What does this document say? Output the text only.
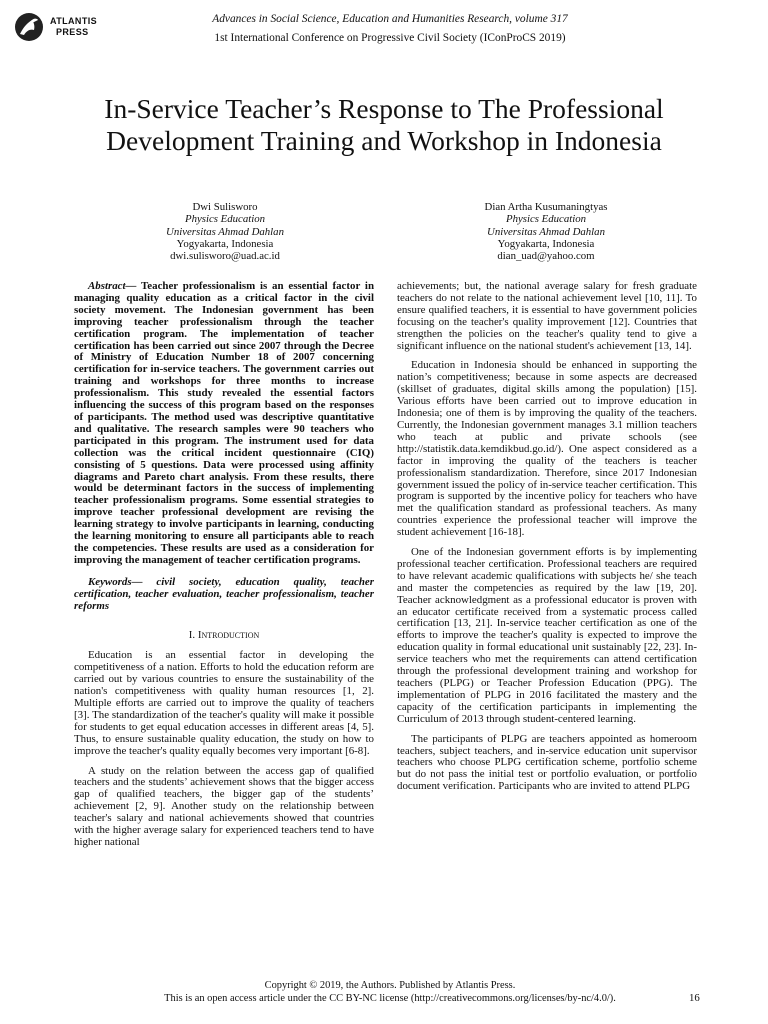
ATLANTIS
PRESS
Advances in Social Science, Education and Humanities Research, volume 317
1st International Conference on Progressive Civil Society (IConProCS 2019)
In-Service Teacher’s Response to The Professional
Development Training and Workshop in Indonesia
Dwi Sulisworo
Physics Education
Universitas Ahmad Dahlan
Yogyakarta, Indonesia
dwi.sulisworo@uad.ac.id
Dian Artha Kusumaningtyas
Physics Education
Universitas Ahmad Dahlan
Yogyakarta, Indonesia
dian_uad@yahoo.com
Abstract— Teacher professionalism is an essential factor in managing quality education as a critical factor in the civil society movement. The Indonesian government has been improving teacher professionalism through the teacher certification program. The implementation of teacher certification has been carried out since 2007 through the Decree of Ministry of Education Number 18 of 2007 concerning certification for in-service teachers. The government carries out training and workshops for three months to increase professionalism. This study revealed the essential factors influencing the success of this program based on the responses of participants. The method used was descriptive quantitative and qualitative. The research samples were 90 teachers who participated in this program. The instrument used for data collection was the critical incident questionnaire (CIQ) consisting of 5 questions. Data were processed using affinity diagrams and Pareto chart analysis. From these results, there would be determinant factors in the success of implementing teacher professionalism programs. Some essential strategies to improve teacher professional development are revising the learning strategy to involve participants in learning, conducting the learning monitoring to ensure all participants able to reach the competencies. These results are used as a consideration for improving the management of teacher certification programs.
Keywords— civil society, education quality, teacher certification, teacher evaluation, teacher professionalism, teacher reforms
I. Introduction

Education is an essential factor in developing the competitiveness of a nation. Efforts to hold the education reform are carried out by various countries to ensure the sustainability of the nation's competitiveness with quality human resources [1, 2]. Multiple efforts are carried out to improve the quality of teachers [3]. The standardization of the teacher's quality will make it possible for students to get equal education accesses in different areas [4, 5]. Thus, to ensure sustainable quality education, the study on how to improve the teacher's quality equally becomes very important [6-8].

A study on the relation between the access gap of qualified teachers and the students’ achievement shows that the bigger access gap of qualified teachers, the bigger gap of the students’ achievement [2, 9]. Another study on the relationship between teacher's salary and national achievements showed that countries with the higher average salary for experienced teachers tend to have higher national

achievements; but, the national average salary for fresh graduate teachers do not relate to the national achievement level [10, 11]. To ensure qualified teachers, it is essential to have government policies focusing on the teacher's quality improvement [12]. Countries that strengthen the policies on the teacher's quality tend to give a significant influence on the national student's achievement [13, 14].

Education in Indonesia should be enhanced in supporting the nation’s competitiveness; because in some aspects are decreased (skillset of graduates, digital skills among the population) [15]. Various efforts have been carried out to improve education in Indonesia; one of them is by improving the quality of the teachers. Currently, the Indonesian government manages 3.1 million teachers who teach at public and private schools (see http://statistik.data.kemdikbud.go.id/). One aspect considered as a factor in improving the quality of the teachers is teacher professionalism standardization. Therefore, since 2017 Indonesian government issued the policy of in-service teacher certification. This program is supported by the incentive policy for teachers who have met the qualification standard as professional teachers. As many countries experience the professional teacher will improve the student achievement [16-18].

One of the Indonesian government efforts is by implementing professional teacher certification. Professional teachers are required to have relevant academic qualifications with subjects he/ she teach and master the competencies as required by the law [19, 20]. Teacher acknowledgment as a professional educator is proven with an educator certificate received from a systematic process called certification [13, 21]. In-service teacher certification as one of the efforts to improve the teacher's quality is expected to improve the education quality in formal educational unit sustainably [22, 23]. In-service teachers who met the requirements can attend certification through the professional development training and workshop for teachers (PLPG) or Teacher Profession Education (PPG). The implementation of PLPG in 2016 facilitated the mastery and the capacity of the certification participants in implementing the Curriculum of 2013 through student-centered learning.

The participants of PLPG are teachers appointed as homeroom teachers, subject teachers, and in-service education unit supervisor teachers who choose PLPG certification scheme, portfolio scheme but do not pass the initial test or portfolio evaluation, or portfolio document verification. Participants who are invited to attend PLPG

Copyright © 2019, the Authors. Published by Atlantis Press.
This is an open access article under the CC BY-NC license (http://creativecommons.org/licenses/by-nc/4.0/).	16
